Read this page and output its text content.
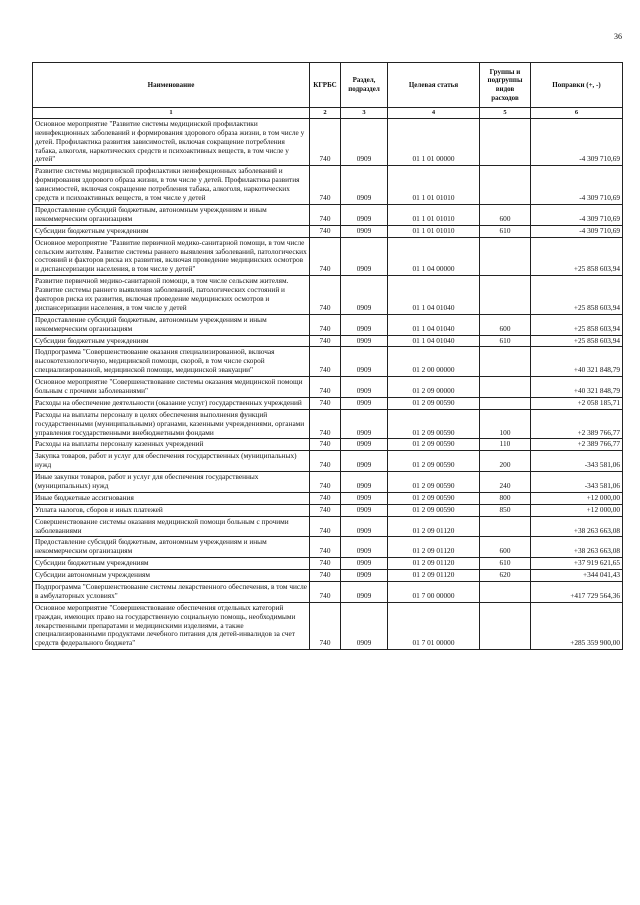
36
Наименование	КГРБС	Раздел, подраздел	Целевая статья	Группы и подгруппы видов расходов	Поправки (+, -)
1	2	3	4	5	6
Основное мероприятие "Развитие системы медицинской профилактики неинфекционных заболеваний и формирования здорового образа жизни, в том числе у детей. Профилактика развития зависимостей, включая сокращение потребления табака, алкоголя, наркотических средств и психоактивных веществ, в том числе у детей"	740	0909	01 1 01 00000		-4 309 710,69
Развитие системы медицинской профилактики неинфекционных заболеваний и формирования здорового образа жизни, в том числе у детей. Профилактика развития зависимостей, включая сокращение потребления табака, алкоголя, наркотических средств и психоактивных веществ, в том числе у детей	740	0909	01 1 01 01010		-4 309 710,69
Предоставление субсидий бюджетным, автономным учреждениям и иным некоммерческим организациям	740	0909	01 1 01 01010	600	-4 309 710,69
Субсидии бюджетным учреждениям	740	0909	01 1 01 01010	610	-4 309 710,69
Основное мероприятие "Развитие первичной медико-санитарной помощи, в том числе сельским жителям. Развитие системы раннего выявления заболеваний, патологических состояний и факторов риска их развития, включая проведение медицинских осмотров и диспансеризации населения, в том числе у детей"	740	0909	01 1 04 00000		+25 858 603,94
Развитие первичной медико-санитарной помощи, в том числе сельским жителям. Развитие системы раннего выявления заболеваний, патологических состояний и факторов риска их развития, включая проведение медицинских осмотров и диспансеризации населения, в том числе у детей	740	0909	01 1 04 01040		+25 858 603,94
Предоставление субсидий бюджетным, автономным учреждениям и иным некоммерческим организациям	740	0909	01 1 04 01040	600	+25 858 603,94
Субсидии бюджетным учреждениям	740	0909	01 1 04 01040	610	+25 858 603,94
Подпрограмма "Совершенствование оказания специализированной, включая высокотехнологичную, медицинской помощи, скорой, в том числе скорой специализированной, медицинской помощи, медицинской эвакуации"	740	0909	01 2 00 00000		+40 321 848,79
Основное мероприятие "Совершенствование системы оказания медицинской помощи больным с прочими заболеваниями"	740	0909	01 2 09 00000		+40 321 848,79
Расходы на обеспечение деятельности (оказание услуг) государственных учреждений	740	0909	01 2 09 00590		+2 058 185,71
Расходы на выплаты персоналу в целях обеспечения выполнения функций государственными (муниципальными) органами, казенными учреждениями, органами управления государственными внебюджетными фондами	740	0909	01 2 09 00590	100	+2 389 766,77
Расходы на выплаты персоналу казенных учреждений	740	0909	01 2 09 00590	110	+2 389 766,77
Закупка товаров, работ и услуг для обеспечения государственных (муниципальных) нужд	740	0909	01 2 09 00590	200	-343 581,06
Иные закупки товаров, работ и услуг для обеспечения государственных (муниципальных) нужд	740	0909	01 2 09 00590	240	-343 581,06
Иные бюджетные ассигнования	740	0909	01 2 09 00590	800	+12 000,00
Уплата налогов, сборов и иных платежей	740	0909	01 2 09 00590	850	+12 000,00
Совершенствование системы оказания медицинской помощи больным с прочими заболеваниями	740	0909	01 2 09 01120		+38 263 663,08
Предоставление субсидий бюджетным, автономным учреждениям и иным некоммерческим организациям	740	0909	01 2 09 01120	600	+38 263 663,08
Субсидии бюджетным учреждениям	740	0909	01 2 09 01120	610	+37 919 621,65
Субсидии автономным учреждениям	740	0909	01 2 09 01120	620	+344 041,43
Подпрограмма "Совершенствование системы лекарственного обеспечения, в том числе в амбулаторных условиях"	740	0909	01 7 00 00000		+417 729 564,36
Основное мероприятие "Совершенствование обеспечения отдельных категорий граждан, имеющих право на государственную социальную помощь, необходимыми лекарственными препаратами и медицинскими изделиями, а также специализированными продуктами лечебного питания для детей-инвалидов за счет средств федерального бюджета"	740	0909	01 7 01 00000		+285 359 900,00
